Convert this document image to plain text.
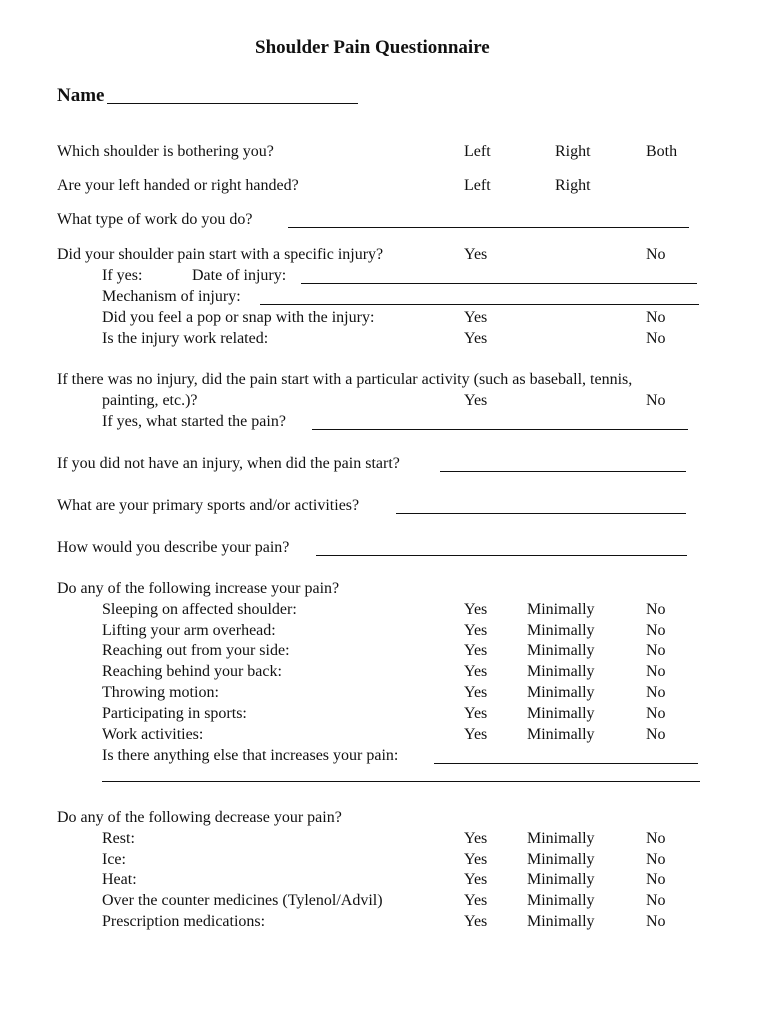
Shoulder Pain Questionnaire
Name
Which shoulder is bothering you?	Left	Right	Both
Are your left handed or right handed?	Left	Right
What type of work do you do?
Did your shoulder pain start with a specific injury?	Yes	No
If yes:	Date of injury:
Mechanism of injury:
Did you feel a pop or snap with the injury:	Yes	No
Is the injury work related:	Yes	No
If there was no injury, did the pain start with a particular activity (such as baseball, tennis,
painting, etc.)?	Yes	No
If yes, what started the pain?
If you did not have an injury, when did the pain start?
What are your primary sports and/or activities?
How would you describe your pain?
Do any of the following increase your pain?
Sleeping on affected shoulder:	Yes Minimally	No
Lifting your arm overhead:	Yes Minimally	No
Reaching out from your side:	Yes Minimally	No
Reaching behind your back:	Yes Minimally	No
Throwing motion:	Yes Minimally	No
Participating in sports:	Yes Minimally	No
Work activities:	Yes Minimally	No
Is there anything else that increases your pain:
Do any of the following decrease your pain?
Rest:	Yes Minimally	No
Ice:	Yes Minimally	No
Heat:	Yes Minimally	No
Over the counter medicines (Tylenol/Advil)	Yes Minimally	No
Prescription medications:	Yes Minimally	No
